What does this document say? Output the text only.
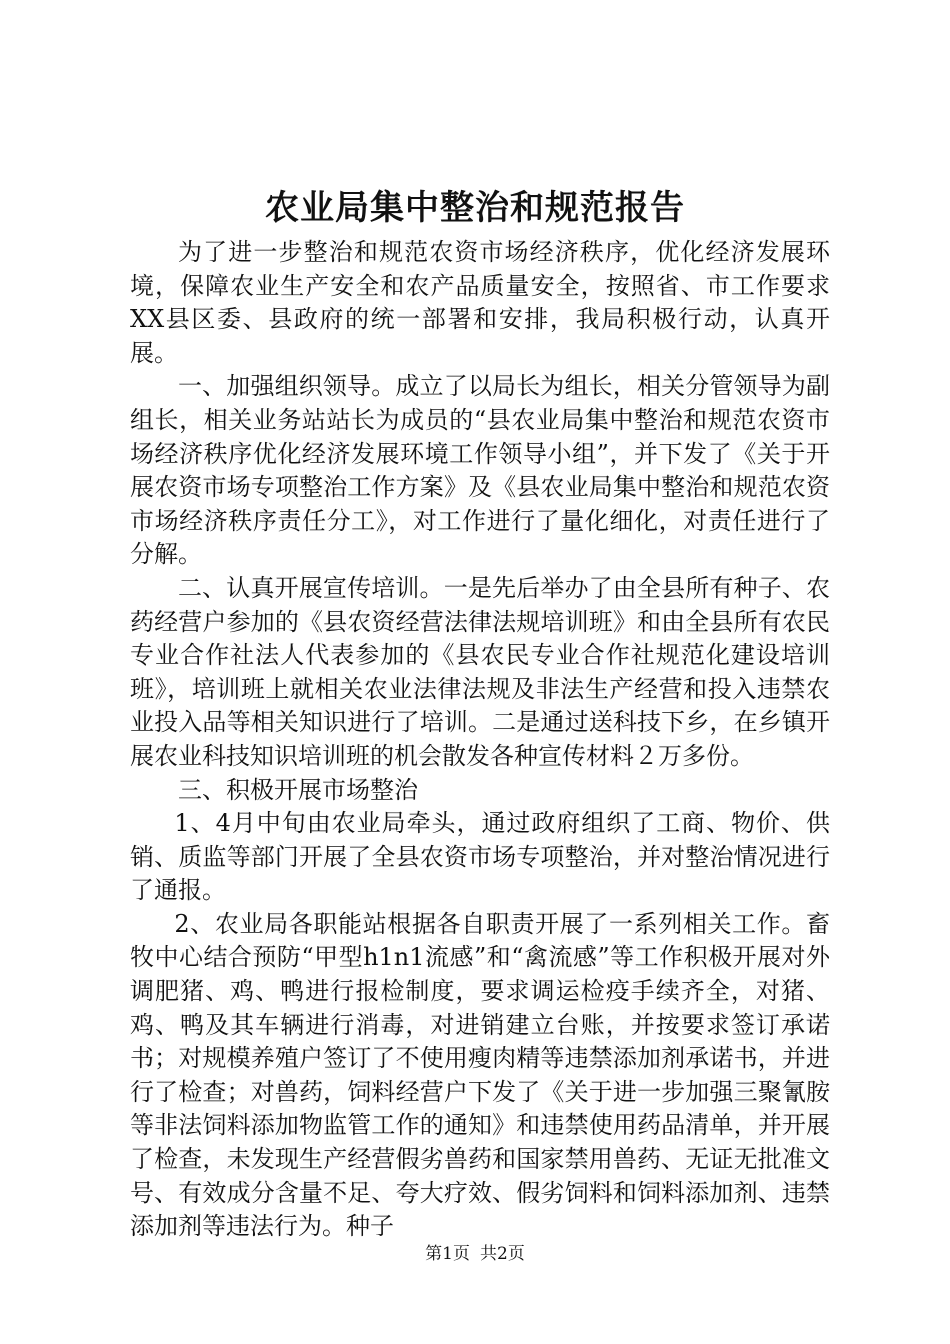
农业局集中整治和规范报告

为了进一步整治和规范农资市场经济秩序，优化经济发展环境，保障农业生产安全和农产品质量安全，按照省、市工作要求XX县区委、县政府的统一部署和安排，我局积极行动，认真开展。

一、加强组织领导。成立了以局长为组长，相关分管领导为副组长，相关业务站站长为成员的“县农业局集中整治和规范农资市场经济秩序优化经济发展环境工作领导小组”，并下发了《关于开展农资市场专项整治工作方案》及《县农业局集中整治和规范农资市场经济秩序责任分工》，对工作进行了量化细化，对责任进行了分解。

二、认真开展宣传培训。一是先后举办了由全县所有种子、农药经营户参加的《县农资经营法律法规培训班》和由全县所有农民专业合作社法人代表参加的《县农民专业合作社规范化建设培训班》，培训班上就相关农业法律法规及非法生产经营和投入违禁农业投入品等相关知识进行了培训。二是通过送科技下乡，在乡镇开展农业科技知识培训班的机会散发各种宣传材料２万多份。

三、积极开展市场整治

1、4月中旬由农业局牵头，通过政府组织了工商、物价、供销、质监等部门开展了全县农资市场专项整治，并对整治情况进行了通报。

2、农业局各职能站根据各自职责开展了一系列相关工作。畜牧中心结合预防“甲型h1n1流感”和“禽流感”等工作积极开展对外调肥猪、鸡、鸭进行报检制度，要求调运检疫手续齐全，对猪、鸡、鸭及其车辆进行消毒，对进销建立台账，并按要求签订承诺书；对规模养殖户签订了不使用瘦肉精等违禁添加剂承诺书，并进行了检查；对兽药，饲料经营户下发了《关于进一步加强三聚氰胺等非法饲料添加物监管工作的通知》和违禁使用药品清单，并开展了检查，未发现生产经营假劣兽药和国家禁用兽药、无证无批准文号、有效成分含量不足、夸大疗效、假劣饲料和饲料添加剂、违禁添加剂等违法行为。种子

第1页 共2页
